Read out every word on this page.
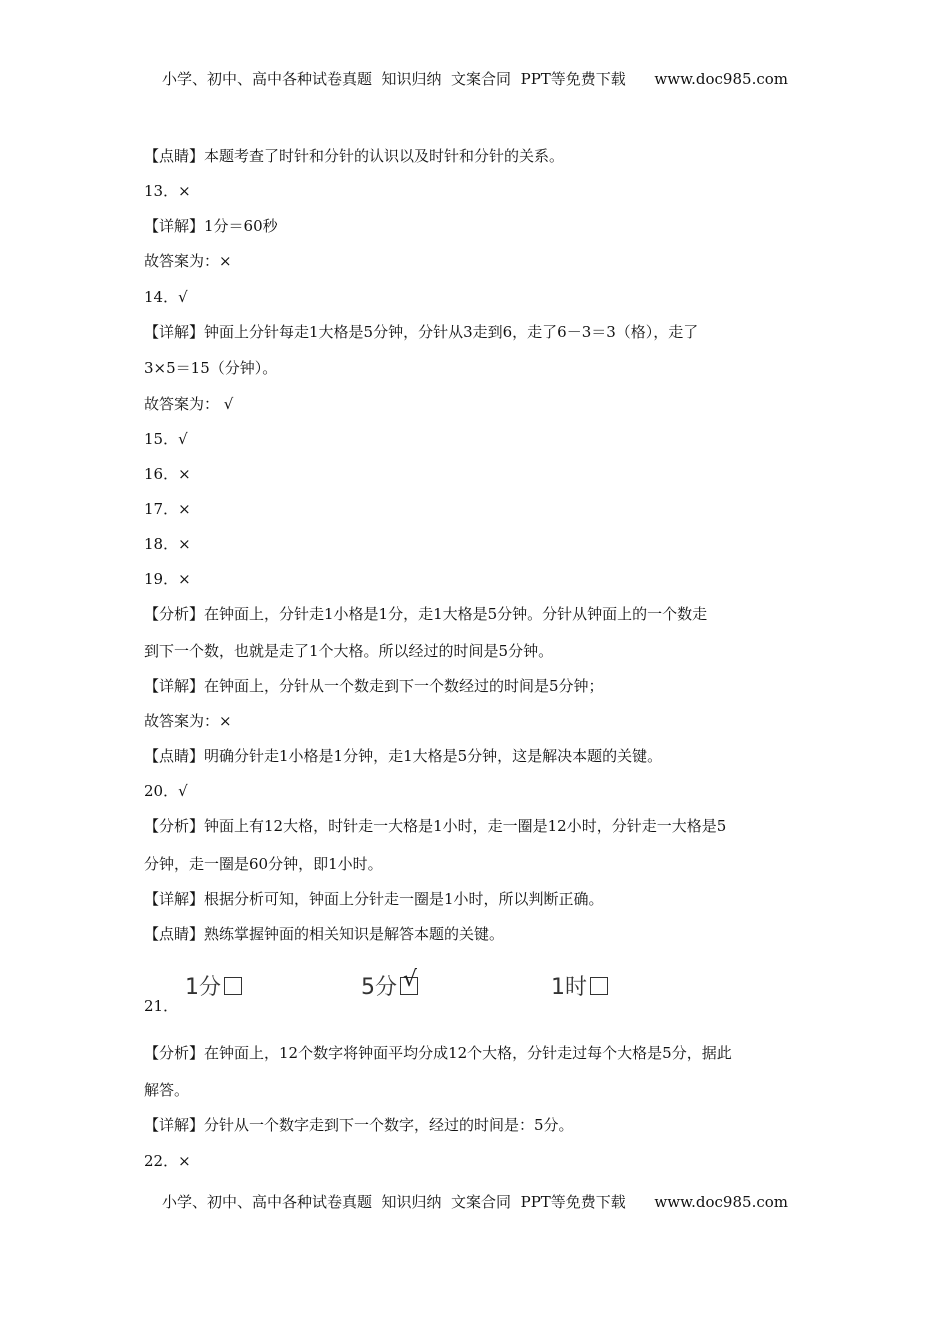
小学、初中、高中各种试卷真题  知识归纳  文案合同  PPT等免费下载      www.doc985.com
【点睛】本题考查了时针和分针的认识以及时针和分针的关系。
13．×
【详解】1分＝60秒
故答案为：×
14．√
【详解】钟面上分针每走1大格是5分钟，分针从3走到6，走了6－3＝3（格），走了
3×5＝15（分钟）。
故答案为： √
15．√
16．×
17．×
18．×
19．×
【分析】在钟面上，分针走1小格是1分，走1大格是5分钟。分针从钟面上的一个数走
到下一个数，也就是走了1个大格。所以经过的时间是5分钟。
【详解】在钟面上，分针从一个数走到下一个数经过的时间是5分钟；
故答案为：×
【点睛】明确分针走1小格是1分钟，走1大格是5分钟，这是解决本题的关键。
20．√
【分析】钟面上有12大格，时针走一大格是1小时，走一圈是12小时，分针走一大格是5
分钟，走一圈是60分钟，即1小时。
【详解】根据分析可知，钟面上分针走一圈是1小时，所以判断正确。
【点睛】熟练掌握钟面的相关知识是解答本题的关键。
1分	5分 √	1时
21．
【分析】在钟面上，12个数字将钟面平均分成12个大格，分针走过每个大格是5分，据此
解答。
【详解】分针从一个数字走到下一个数字，经过的时间是：5分。
22．×
小学、初中、高中各种试卷真题  知识归纳  文案合同  PPT等免费下载      www.doc985.com
